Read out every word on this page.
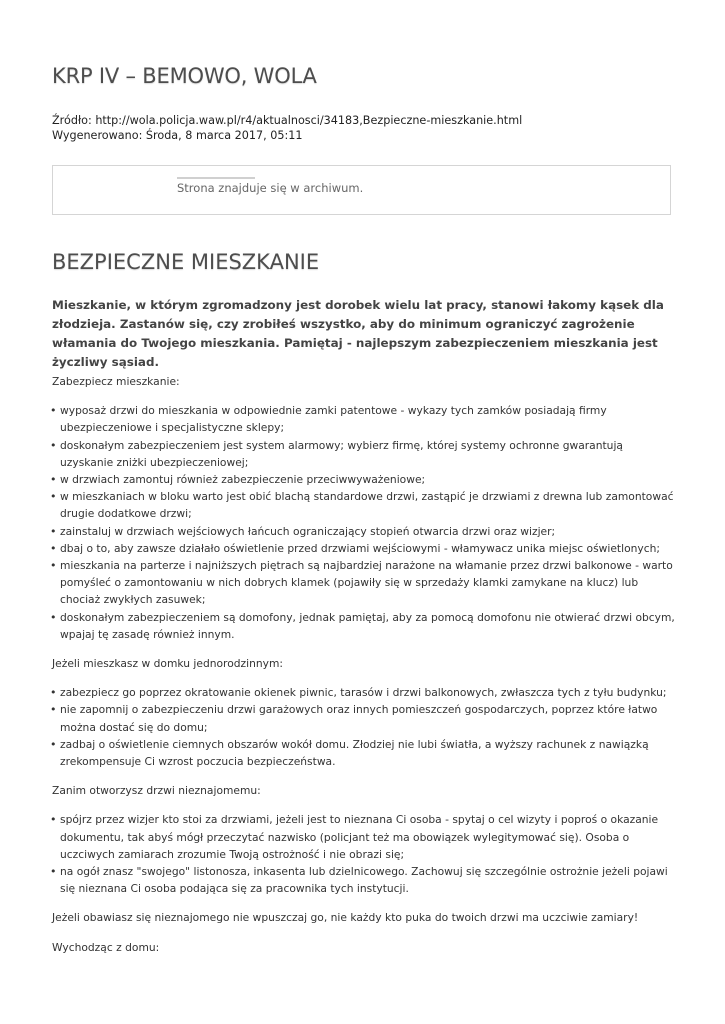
KRP IV – BEMOWO, WOLA
Źródło: http://wola.policja.waw.pl/r4/aktualnosci/34183,Bezpieczne-mieszkanie.html
Wygenerowano: Środa, 8 marca 2017, 05:11
Strona znajduje się w archiwum.
BEZPIECZNE MIESZKANIE

Mieszkanie, w którym zgromadzony jest dorobek wielu lat pracy, stanowi łakomy kąsek dla złodzieja. Zastanów się, czy zrobiłeś wszystko, aby do minimum ograniczyć zagrożenie włamania do Twojego mieszkania. Pamiętaj - najlepszym zabezpieczeniem mieszkania jest życzliwy sąsiad.

Zabezpiecz mieszkanie:

• wyposaż drzwi do mieszkania w odpowiednie zamki patentowe - wykazy tych zamków posiadają firmy ubezpieczeniowe i specjalistyczne sklepy;
• doskonałym zabezpieczeniem jest system alarmowy; wybierz firmę, której systemy ochronne gwarantują uzyskanie zniżki ubezpieczeniowej;
• w drzwiach zamontuj również zabezpieczenie przeciwwyważeniowe;
• w mieszkaniach w bloku warto jest obić blachą standardowe drzwi, zastąpić je drzwiami z drewna lub zamontować drugie dodatkowe drzwi;
• zainstaluj w drzwiach wejściowych łańcuch ograniczający stopień otwarcia drzwi oraz wizjer;
• dbaj o to, aby zawsze działało oświetlenie przed drzwiami wejściowymi - włamywacz unika miejsc oświetlonych;
• mieszkania na parterze i najniższych piętrach są najbardziej narażone na włamanie przez drzwi balkonowe - warto pomyśleć o zamontowaniu w nich dobrych klamek (pojawiły się w sprzedaży klamki zamykane na klucz) lub chociaż zwykłych zasuwek;
• doskonałym zabezpieczeniem są domofony, jednak pamiętaj, aby za pomocą domofonu nie otwierać drzwi obcym, wpajaj tę zasadę również innym.

Jeżeli mieszkasz w domku jednorodzinnym:

• zabezpiecz go poprzez okratowanie okienek piwnic, tarasów i drzwi balkonowych, zwłaszcza tych z tyłu budynku;
• nie zapomnij o zabezpieczeniu drzwi garażowych oraz innych pomieszczeń gospodarczych, poprzez które łatwo można dostać się do domu;
• zadbaj o oświetlenie ciemnych obszarów wokół domu. Złodziej nie lubi światła, a wyższy rachunek z nawiązką zrekompensuje Ci wzrost poczucia bezpieczeństwa.

Zanim otworzysz drzwi nieznajomemu:

• spójrz przez wizjer kto stoi za drzwiami, jeżeli jest to nieznana Ci osoba - spytaj o cel wizyty i poproś o okazanie dokumentu, tak abyś mógł przeczytać nazwisko (policjant też ma obowiązek wylegitymować się). Osoba o uczciwych zamiarach zrozumie Twoją ostrożność i nie obrazi się;
• na ogół znasz "swojego" listonosza, inkasenta lub dzielnicowego. Zachowuj się szczególnie ostrożnie jeżeli pojawi się nieznana Ci osoba podająca się za pracownika tych instytucji.

Jeżeli obawiasz się nieznajomego nie wpuszczaj go, nie każdy kto puka do twoich drzwi ma uczciwie zamiary!

Wychodząc z domu:
